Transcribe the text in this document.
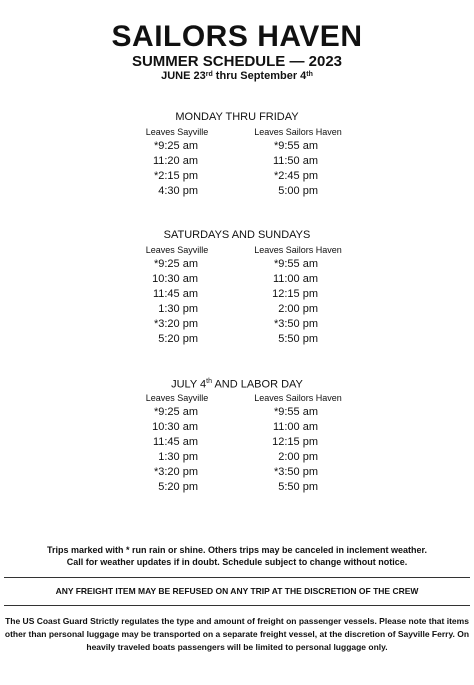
SAILORS HAVEN
SUMMER SCHEDULE — 2023
JUNE 23rd thru September 4th
MONDAY THRU FRIDAY
Leaves Sayville	Leaves Sailors Haven
*9:25 am	*9:55 am
11:20 am	11:50 am
*2:15 pm	*2:45 pm
4:30 pm	5:00 pm
SATURDAYS AND SUNDAYS
Leaves Sayville	Leaves Sailors Haven
*9:25 am	*9:55 am
10:30 am	11:00 am
11:45 am	12:15 pm
1:30 pm	2:00 pm
*3:20 pm	*3:50 pm
5:20 pm	5:50 pm
JULY 4th AND LABOR DAY
Leaves Sayville	Leaves Sailors Haven
*9:25 am	*9:55 am
10:30 am	11:00 am
11:45 am	12:15 pm
1:30 pm	2:00 pm
*3:20 pm	*3:50 pm
5:20 pm	5:50 pm
Trips marked with * run rain or shine. Others trips may be canceled in inclement weather.
Call for weather updates if in doubt. Schedule subject to change without notice.
ANY FREIGHT ITEM MAY BE REFUSED ON ANY TRIP AT THE DISCRETION OF THE CREW
The US Coast Guard Strictly regulates the type and amount of freight on passenger vessels. Please note that items other than personal luggage may be transported on a separate freight vessel, at the discretion of Sayville Ferry. On heavily traveled boats passengers will be limited to personal luggage only.
